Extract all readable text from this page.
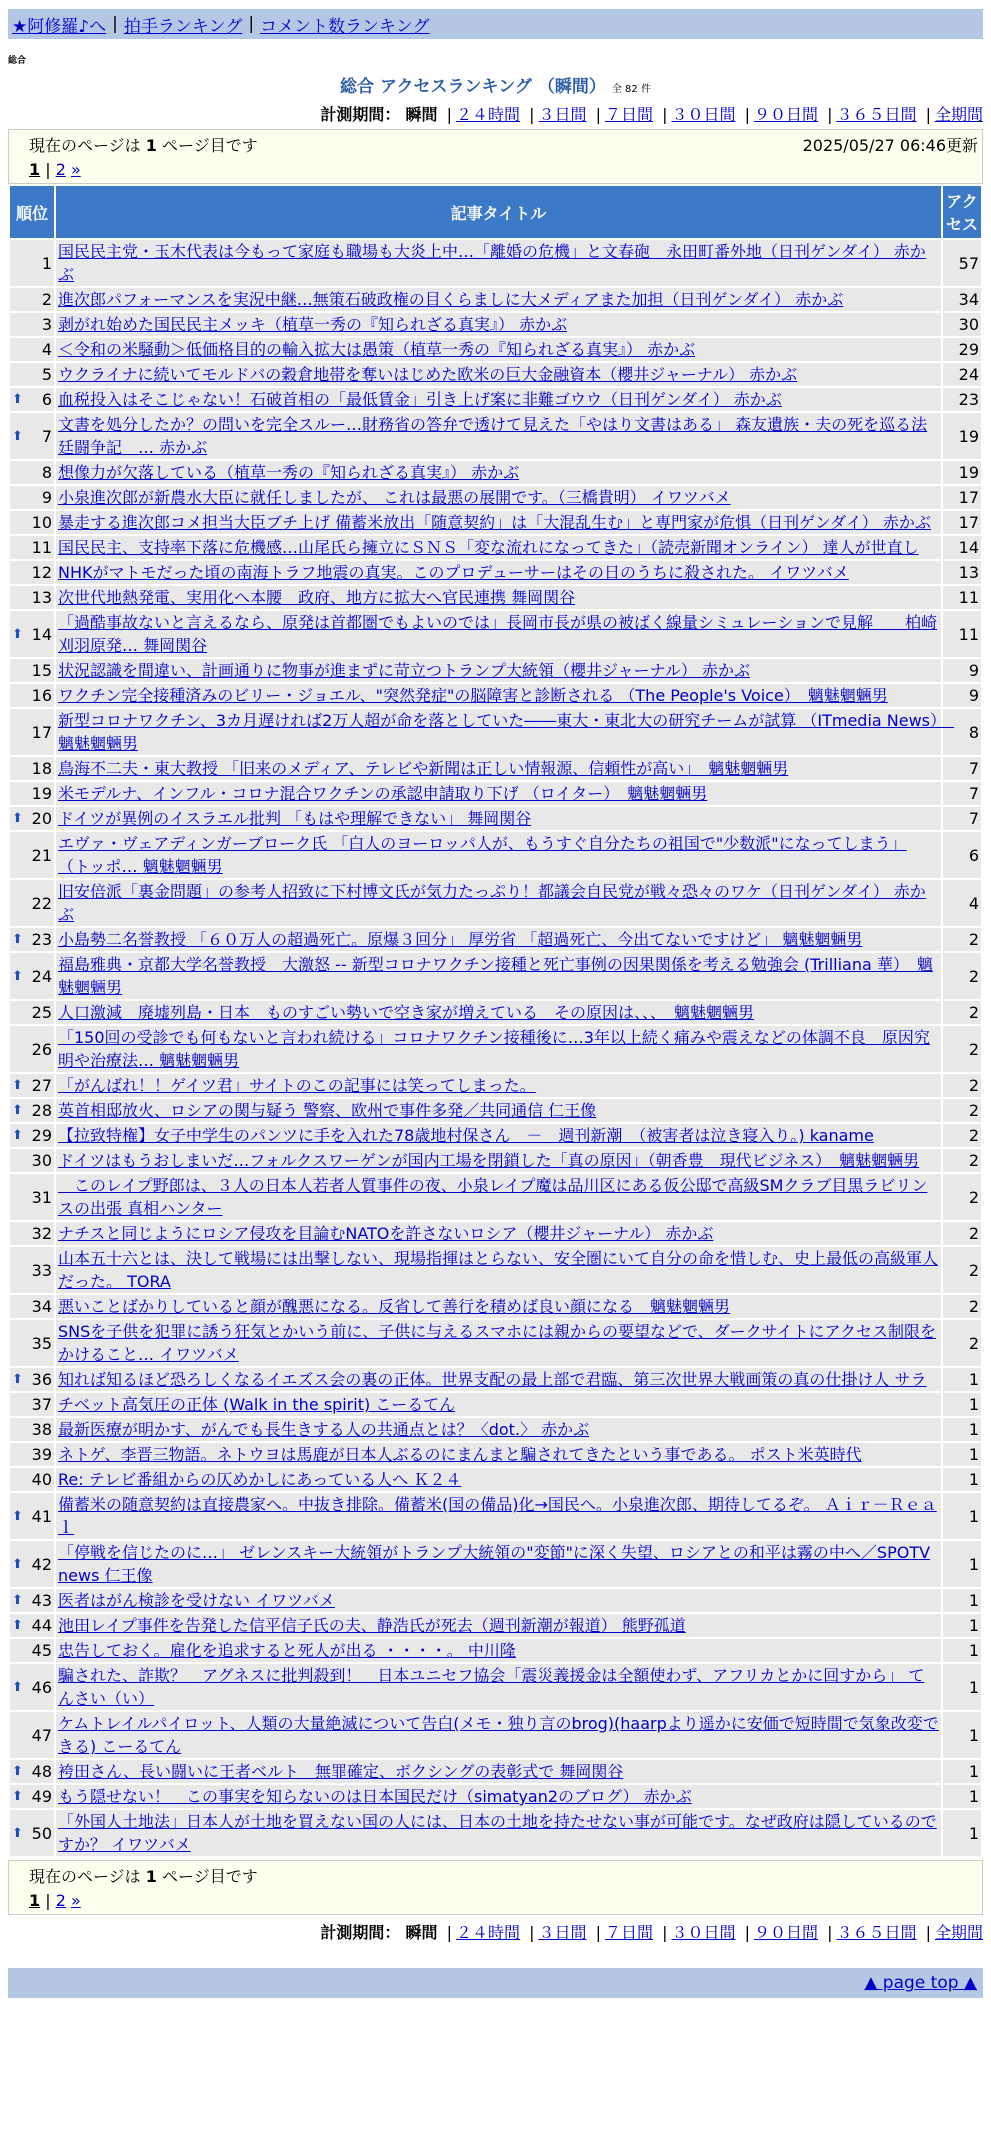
★阿修羅♪へ | 拍手ランキング | コメント数ランキング
総合
総合 アクセスランキング （瞬間） 全 82 件
計測期間： 瞬間 | ２４時間 | ３日間 | ７日間 | ３０日間 | ９０日間 | ３６５日間 | 全期間
現在のページは 1 ページ目です	2025/05/27 06:46更新
1 | 2 »
順位	記事タイトル	アクセス
1	国民民主党・玉木代表は今もって家庭も職場も大炎上中…「離婚の危機」と文春砲　永田町番外地（日刊ゲンダイ） 赤かぶ	57
2	進次郎パフォーマンスを実況中継…無策石破政権の目くらましに大メディアまた加担（日刊ゲンダイ） 赤かぶ	34
3	剥がれ始めた国民民主メッキ（植草一秀の『知られざる真実』） 赤かぶ	30
4	＜令和の米騒動＞低価格目的の輸入拡大は愚策（植草一秀の『知られざる真実』） 赤かぶ	29
5	ウクライナに続いてモルドバの穀倉地帯を奪いはじめた欧米の巨大金融資本（櫻井ジャーナル） 赤かぶ	24

⬆ 6	血税投入はそこじゃない！石破首相の「最低賃金」引き上げ案に非難ゴウウ（日刊ゲンダイ） 赤かぶ	23

⬆ 7	文書を処分したか？の問いを完全スルー…財務省の答弁で透けて見えた「やはり文書はある」 森友遺族・夫の死を巡る法廷闘争記　… 赤かぶ	19
8	想像力が欠落している（植草一秀の『知られざる真実』） 赤かぶ	19
9	小泉進次郎が新農水大臣に就任しましたが、 これは最悪の展開です。（三橋貴明） イワツバメ	17
10	暴走する進次郎コメ担当大臣ブチ上げ 備蓄米放出「随意契約」は「大混乱生む」と専門家が危惧（日刊ゲンダイ） 赤かぶ	17
11	国民民主、支持率下落に危機感…山尾氏ら擁立にＳＮＳ「変な流れになってきた」（読売新聞オンライン） 達人が世直し	14
12	NHKがマトモだった頃の南海トラフ地震の真実。このプロデューサーはその日のうちに殺された。 イワツバメ	13
13	次世代地熱発電、実用化へ本腰　政府、地方に拡大へ官民連携 舞岡関谷	11

⬆ 14	「過酷事故ないと言えるなら、原発は首都圏でもよいのでは」長岡市長が県の被ばく線量シミュレーションで見解　　柏崎刈羽原発… 舞岡関谷	11
15	状況認識を間違い、計画通りに物事が進まずに苛立つトランプ大統領（櫻井ジャーナル） 赤かぶ	9
16	ワクチン完全接種済みのビリー・ジョエル、"突然発症"の脳障害と診断される （The People's Voice）　魑魅魍魎男	9
17	新型コロナワクチン、3カ月遅ければ2万人超が命を落としていた――東大・東北大の研究チームが試算 （ITmedia News）　魑魅魍魎男	8
18	鳥海不二夫・東大教授 「旧来のメディア、テレビや新聞は正しい情報源、信頼性が高い」　魑魅魍魎男	7
19	米モデルナ、インフル・コロナ混合ワクチンの承認申請取り下げ （ロイター）　魑魅魍魎男	7

⬆ 20	ドイツが異例のイスラエル批判 「もはや理解できない」 舞岡関谷	7
21	エヴァ・ヴェアディンガーブローク氏 「白人のヨーロッパ人が、もうすぐ自分たちの祖国で"少数派"になってしまう」 （トッポ… 魑魅魍魎男	6
22	旧安倍派「裏金問題」の参考人招致に下村博文氏が気力たっぷり！都議会自民党が戦々恐々のワケ（日刊ゲンダイ） 赤かぶ	4

⬆ 23	小島勢二名誉教授 「６０万人の超過死亡。原爆３回分」 厚労省 「超過死亡、今出てないですけど」 魑魅魍魎男	2

⬆ 24	福島雅典・京都大学名誉教授　大激怒 -- 新型コロナワクチン接種と死亡事例の因果関係を考える勉強会 (Trilliana 華）　魑魅魍魎男	2
25	人口激減　廃墟列島・日本　ものすごい勢いで空き家が増えている　その原因は、、、　魑魅魍魎男	2
26	「150回の受診でも何もないと言われ続ける」コロナワクチン接種後に…3年以上続く痛みや震えなどの体調不良　原因究明や治療法… 魑魅魍魎男	2

⬆ 27	「がんばれ！！ゲイツ君」サイトのこの記事には笑ってしまった。	2

⬆ 28	英首相邸放火、ロシアの関与疑う 警察、欧州で事件多発／共同通信 仁王像	2

⬆ 29	【拉致特権】女子中学生のパンツに手を入れた78歳地村保さん　－　週刊新潮　（被害者は泣き寝入り。) kaname	2
30	ドイツはもうおしまいだ…フォルクスワーゲンが国内工場を閉鎖した「真の原因」（朝香豊　現代ビジネス）　魑魅魍魎男	2
31	　このレイプ野郎は、３人の日本人若者人質事件の夜、小泉レイプ魔は品川区にある仮公邸で高級SMクラブ目黒ラビリンスの出張 真相ハンター	2
32	ナチスと同じようにロシア侵攻を目論むNATOを許さないロシア（櫻井ジャーナル） 赤かぶ	2
33	山本五十六とは、決して戦場には出撃しない、現場指揮はとらない、安全圏にいて自分の命を惜しむ、史上最低の高級軍人だった。 TORA	2
34	悪いことばかりしていると顔が醜悪になる。反省して善行を積めば良い顔になる　魑魅魍魎男	2
35	SNSを子供を犯罪に誘う狂気とかいう前に、子供に与えるスマホには親からの要望などで、ダークサイトにアクセス制限をかけること… イワツバメ	2

⬆ 36	知れば知るほど恐ろしくなるイエズス会の裏の正体。世界支配の最上部で君臨、第三次世界大戦画策の真の仕掛け人 サラ	1
37	チベット高気圧の正体 (Walk in the spirit) こーるてん	1
38	最新医療が明かす、がんでも長生きする人の共通点とは？〈dot.〉 赤かぶ	1
39	ネトゲ、李晋三物語。ネトウヨは馬鹿が日本人ぶるのにまんまと騙されてきたという事である。 ポスト米英時代	1
40	Re: テレビ番組からの仄めかしにあっている人へ Ｋ２４	1

⬆ 41	備蓄米の随意契約は直接農家へ。中抜き排除。備蓄米(国の備品)化→国民へ。小泉進次郎、期待してるぞ。 Ａｉｒ－Ｒｅａｌ	1

⬆ 42	「停戦を信じたのに…」 ゼレンスキー大統領がトランプ大統領の"変節"に深く失望、ロシアとの和平は霧の中へ／SPOTV news 仁王像	1

⬆ 43	医者はがん検診を受けない イワツバメ	1

⬆ 44	池田レイプ事件を告発した信平信子氏の夫、静浩氏が死去（週刊新潮が報道） 熊野孤道	1
45	忠告しておく。雇化を追求すると死人が出る ・・・・。 中川隆	1

⬆ 46	騙された、詐欺？　アグネスに批判殺到！　日本ユニセフ協会「震災義援金は全額使わず、アフリカとかに回すから」 てんさい（い）	1
47	ケムトレイルパイロット、人類の大量絶滅について告白(メモ・独り言のbrog)(haarpより遥かに安価で短時間で気象改変できる) こーるてん	1

⬆ 48	袴田さん、長い闘いに王者ベルト　無罪確定、ボクシングの表彰式で 舞岡関谷	1

⬆ 49	もう隠せない！　この事実を知らないのは日本国民だけ（simatyan2のブログ） 赤かぶ	1

⬆ 50	「外国人土地法」日本人が土地を買えない国の人には、日本の土地を持たせない事が可能です。なぜ政府は隠しているのですか？ イワツバメ	1
現在のページは 1 ページ目です
1 | 2 »
計測期間： 瞬間 | ２４時間 | ３日間 | ７日間 | ３０日間 | ９０日間 | ３６５日間 | 全期間
▲ page top ▲
